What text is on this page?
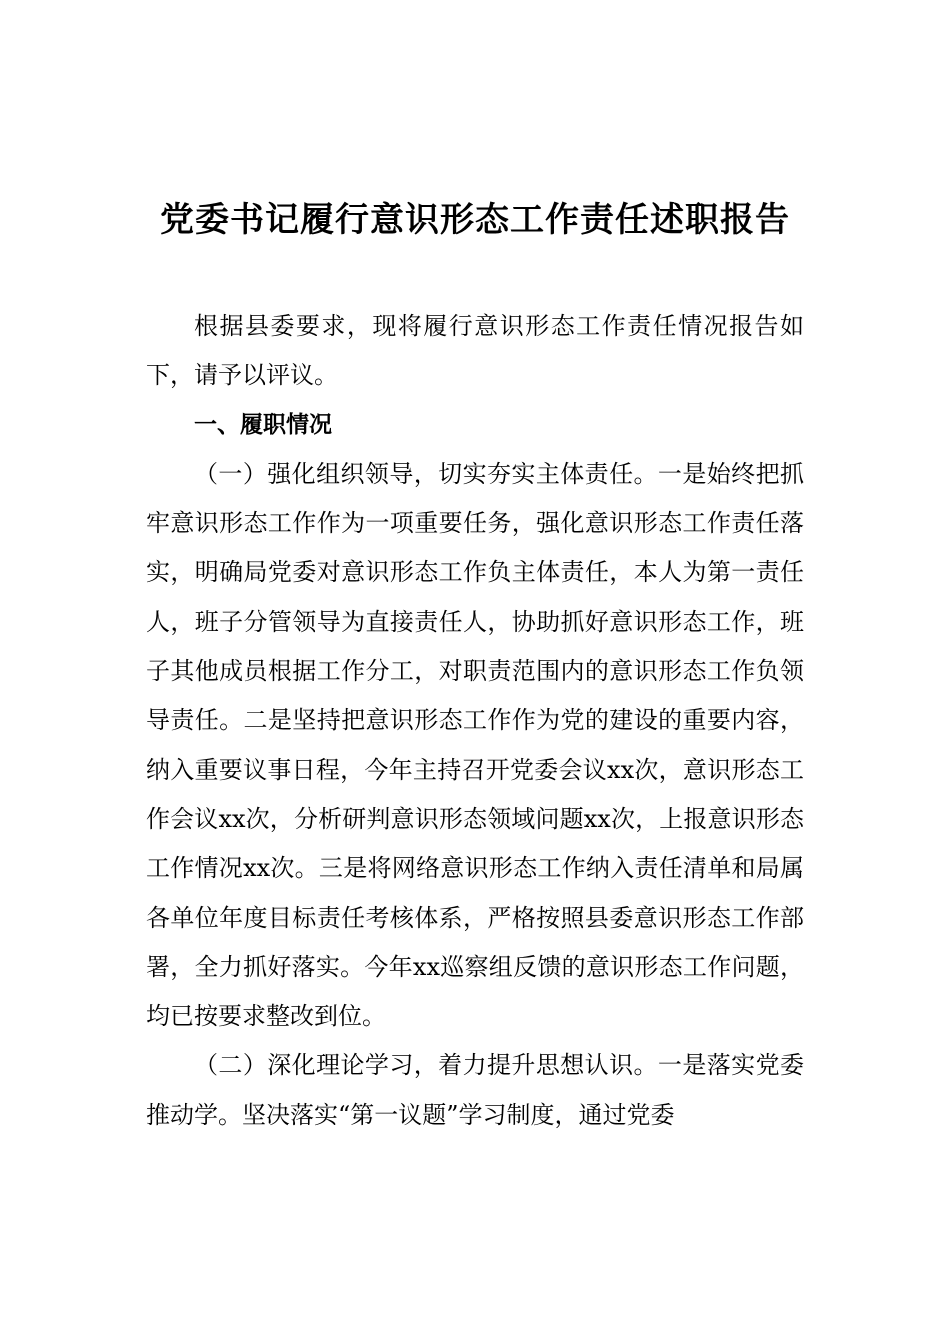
党委书记履行意识形态工作责任述职报告

根据县委要求，现将履行意识形态工作责任情况报告如下，请予以评议。

一、履职情况

（一）强化组织领导，切实夯实主体责任。一是始终把抓牢意识形态工作作为一项重要任务，强化意识形态工作责任落实，明确局党委对意识形态工作负主体责任，本人为第一责任人，班子分管领导为直接责任人，协助抓好意识形态工作，班子其他成员根据工作分工，对职责范围内的意识形态工作负领导责任。二是坚持把意识形态工作作为党的建设的重要内容，纳入重要议事日程，今年主持召开党委会议xx次，意识形态工作会议xx次，分析研判意识形态领域问题xx次，上报意识形态工作情况xx次。三是将网络意识形态工作纳入责任清单和局属各单位年度目标责任考核体系，严格按照县委意识形态工作部署，全力抓好落实。今年xx巡察组反馈的意识形态工作问题，均已按要求整改到位。

（二）深化理论学习，着力提升思想认识。一是落实党委推动学。坚决落实“第一议题”学习制度，通过党委
